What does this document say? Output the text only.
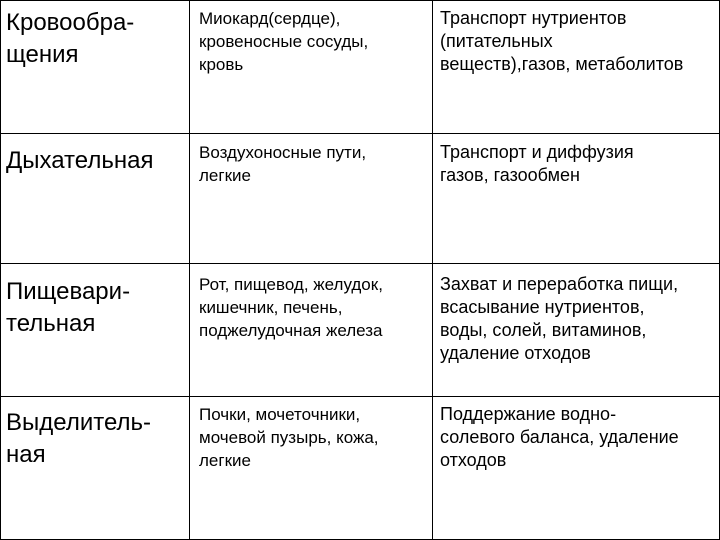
Кровообра-
щения
Миокард(сердце),
кровеносные сосуды,
кровь
Транспорт нутриентов
(питательных
веществ),газов, метаболитов
Дыхательная	Воздухоносные пути,
легкие
Транспорт и диффузия
газов, газообмен
Пищевари-
тельная
Рот, пищевод, желудок,
кишечник, печень,
поджелудочная железа
Захват и переработка пищи,
всасывание нутриентов,
воды, солей, витаминов,
удаление отходов
Выделитель-
ная
Почки, мочеточники,
мочевой пузырь, кожа,
легкие
Поддержание водно-
солевого баланса, удаление
отходов
